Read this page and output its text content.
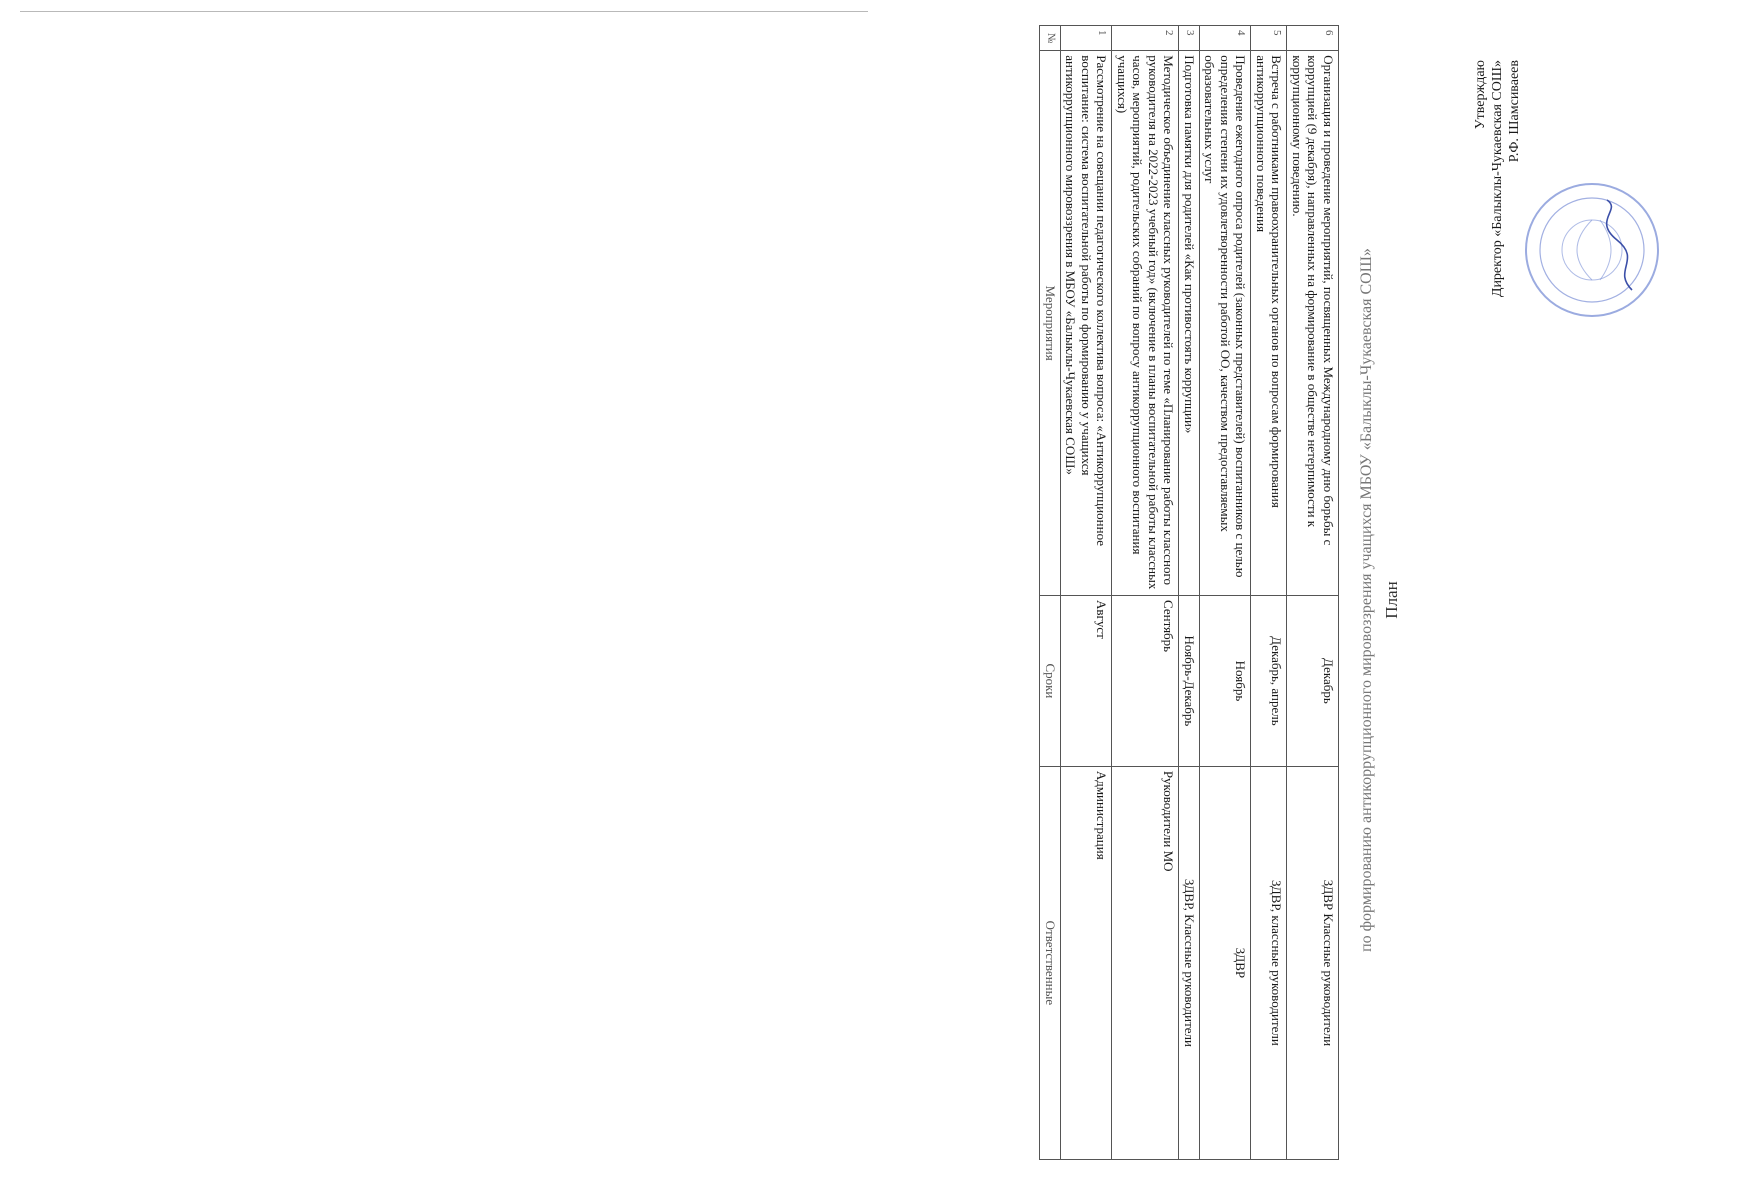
Утверждаю Директор «Балыклы-Чукаевская СОШ» Р.Ф. Шамсиваеев
План
по формированию антикоррупционного мировоззрения учащихся МБОУ «Балыклы-Чукаевская СОШ»
6	Организация и проведение мероприятий, посвященных Международному дню борьбы с коррупцией (9 декабря), направленных на формирование в обществе нетерпимости к коррупционному поведению.	Декабрь	ЗДВР Классные руководители
5	Встреча с работниками правоохранительных органов по вопросам формирования антикоррупционного поведения	Декабрь, апрель	ЗДВР, классные руководители
4	Проведение ежегодного опроса родителей (законных представителей) воспитанников с целью определения степени их удовлетворенности работой ОО, качеством предоставляемых образовательных услуг	Ноябрь	ЗДВР
3	Подготовка памятки для родителей «Как противостоять коррупции»	Ноябрь-Декабрь	ЗДВР, Классные руководители
2	Методическое объединение классных руководителей по теме «Планирование работы классного руководителя на 2022-2023 учебный год» (включение в планы воспитательной работы классных часов, мероприятий, родительских собраний по вопросу антикоррупционного воспитания учащихся)	Сентябрь	Руководители МО
1	Рассмотрение на совещании педагогического коллектива вопроса: «Антикоррупционное воспитание: система воспитательной работы по формированию у учащихся антикоррупционного мировоззрения в МБОУ «Балыклы-Чукаевская СОШ»	Август	Администрация
№	Мероприятия	Сроки	Ответственные
